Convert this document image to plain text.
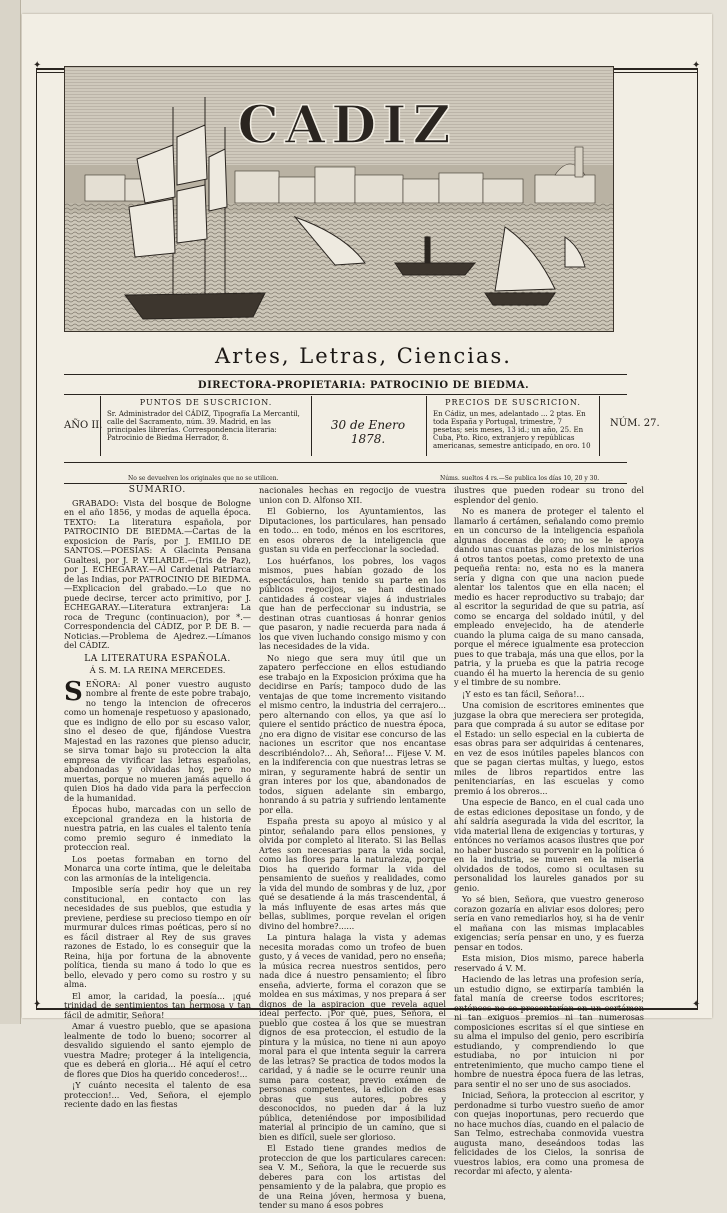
✦	✦
✦	✦
CADIZ
Artes, Letras, Ciencias.
DIRECTORA-PROPIETARIA: PATROCINIO DE BIEDMA.
AÑO II.
PUNTOS DE SUSCRICION.
Sr. Administrador del CÁDIZ, Tipografía La Mercantil, calle del Sacramento, núm. 39. Madrid, en las principales librerías. Correspondencia literaria: Patrocinio de Biedma Herrador, 8.
30 de Enero 1878.
PRECIOS DE SUSCRICION.
En Cádiz, un mes, adelantado ... 2 ptas. En toda España y Portugal, trimestre, 7 pesetas; seis meses, 13 id.; un año, 25. En Cuba, Pto. Rico, extranjero y repúblicas americanas, semestre anticipado, en oro. 10
NÚM. 27.
No se devuelven los originales que no se utilicen.	Núms. sueltos 4 rs.—Se publica los días 10, 20 y 30.
SUMARIO.

GRABADO: Vista del bosque de Bologne en el año 1856, y modas de aquella época. TEXTO: La literatura española, por PATROCINIO DE BIEDMA.—Cartas de la exposicion de París, por J. EMILIO DE SANTOS.—POESÍAS: A Glacinta Pensana Gualtesi, por J. P. VELARDE.—(Iris de Paz), por J. ECHEGARAY.—Al Cardenal Patriarca de las Indias, por PATROCINIO DE BIEDMA.—Explicacion del grabado.—Lo que no puede decirse, tercer acto primitivo, por J. ECHEGARAY.—Literatura extranjera: La roca de Tregunc (continuacion), por *.—Correspondencia del CÁDIZ, por P. DE B. —Noticias.—Problema de Ajedrez.—Límanos del CÁDIZ.

LA LITERATURA ESPAÑOLA.
Á S. M. LA REINA MERCEDES.
S EÑORA: Al poner vuestro augusto nombre al frente de este pobre trabajo, no tengo la intencion de ofreceros como un homenaje respetuoso y apasionado, que es indigno de ello por su escaso valor, sino el deseo de que, fijándose Vuestra Majestad en las razones que pienso aducir, se sirva tomar bajo su proteccion la alta empresa de vivificar las letras españolas, abandonadas y olvidadas hoy, pero no muertas, porque no mueren jamás aquello á quien Dios ha dado vida para la perfeccion de la humanidad.

Épocas hubo, marcadas con un sello de excepcional grandeza en la historia de nuestra patria, en las cuales el talento tenía como premio seguro é inmediato la proteccion real.

Los poetas formaban en torno del Monarca una corte íntima, que le deleitaba con las armonías de la inteligencia.

Imposible sería pedir hoy que un rey constitucional, en contacto con las necesidades de sus pueblos, que estudia y previene, perdiese su precioso tiempo en oír murmurar dulces rimas poéticas, pero sí no es fácil distraer al Rey de sus graves razones de Estado, lo es conseguir que la Reina, hija por fortuna de la abnovente política, tienda su mano á todo lo que es bello, elevado y pero como su rostro y su alma.

El amor, la caridad, la poesía... ¡qué trinidad de sentimientos tan hermosa y tan fácil de admitir, Señora!

Amar á vuestro pueblo, que se apasiona lealmente de todo lo bueno; socorrer al desvalido siguiendo el santo ejemplo de vuestra Madre; proteger á la inteligencia, que es deberá en gloria... Hé aquí el cetro de flores que Dios ha querido concederos!...

¡Y cuánto necesita el talento de esa proteccion!... Ved, Señora, el ejemplo reciente dado en las fiestas

nacionales hechas en regocijo de vuestra union con D. Alfonso XII.

El Gobierno, los Ayuntamientos, las Diputaciones, los particulares, han pensado en todo... en todo, ménos en los escritores, en esos obreros de la inteligencia que gustan su vida en perfeccionar la sociedad.

Los huérfanos, los pobres, los vagos mismos, pues habían gozado de los espectáculos, han tenido su parte en los públicos regocijos, se han destinado cantidades á costear viajes á industriales que han de perfeccionar su industria, se destinan otras cuantiosas á honrar genios que pasaron, y nadie recuerda para nada á los que viven luchando consigo mismo y con las necesidades de la vida.

No niego que sera muy útil que un zapatero perfeccione en ellos estudiando ese trabajo en la Exposicion próxima que ha decidirse en París; tampoco dudo de las ventajas de que tome incremento visitando el mismo centro, la industria del cerrajero... pero alternando con ellos, ya que así lo quiere el sentido práctico de nuestra época, ¿no era digno de visitar ese concurso de las naciones un escritor que nos encantase describiéndolo?... Ah, Señora!... Fijese V. M. en la indiferencia con que nuestras letras se miran, y seguramente habrá de sentir un gran interes por los que, abandonados de todos, siguen adelante sin embargo, honrando á su patria y sufriendo lentamente por ella.

España presta su apoyo al músico y al pintor, señalando para ellos pensiones, y olvida por completo al literato. Si las Bellas Artes son necesarias para la vida social, como las flores para la naturaleza, porque Dios ha querido formar la vida del pensamiento de sueños y realidades, como la vida del mundo de sombras y de luz, ¿por qué se desatiende á la más trascendental, á la más influyente de esas artes más que bellas, sublimes, porque revelan el origen divino del hombre?......

La pintura halaga la vista y ademas necesita moradas como un trofeo de buen gusto, y á veces de vanidad, pero no enseña; la música recrea nuestros sentidos, pero nada dice á nuestro pensamiento; el libro enseña, advierte, forma el corazon que se moldea en sus máximas, y nos prepara á ser dignos de la aspiracion que revela aquel ideal perfecto. ¡Por qué, pues, Señora, el pueblo que costea á los que se muestran dignos de esa proteccion, el estudio de la pintura y la música, no tiene ni aun apoyo moral para el que intenta seguir la carrera de las letras? Se practica de todos modos la caridad, y á nadie se le ocurre reunir una suma para costear, previo exámen de personas competentes, la edicion de esas obras que sus autores, pobres y desconocidos, no pueden dar á la luz pública, deteniéndose por imposibilidad material al principio de un camino, que si bien es difícil, suele ser glorioso.

El Estado tiene grandes medios de proteccion de que los particulares carecen: sea V. M., Señora, la que le recuerde sus deberes para con los artistas del pensamiento y de la palabra, que propio es de una Reina jóven, hermosa y buena, tender su mano á esos pobres

ilustres que pueden rodear su trono del esplendor del genio.

No es manera de proteger el talento el llamarlo á certámen, señalando como premio en un concurso de la inteligencia española algunas docenas de oro; no se le apoya dando unas cuantas plazas de los ministerios á otros tantos poetas, como pretexto de una pequeña renta: no, esta no es la manera sería y digna con que una nacion puede alentar los talentos que en ella nacen; el medio es hacer reproductivo su trabajo; dar al escritor la seguridad de que su patria, así como se encarga del soldado inútil, y del empleado envejecido, ha de atenderle cuando la pluma caiga de su mano cansada, porque el mérece igualmente esa proteccion pues to que trabaja, más una que ellos, por la patria, y la prueba es que la patria recoge cuando él ha muerto la herencia de su genio y el timbre de su nombre.

¡Y esto es tan fácil, Señora!...

Una comision de escritores eminentes que juzgase la obra que mereciera ser protegida, para que comprada á su autor se editase por el Estado: un sello especial en la cubierta de esas obras para ser adquiridas á centenares, en vez de esos inútiles papeles blancos con que se pagan ciertas multas, y luego, estos miles de libros repartidos entre las penitenciarías, en las escuelas y como premio á los obreros...

Una especie de Banco, en el cual cada uno de estas ediciones depositase un fondo, y de ahí saldría asegurada la vida del escritor, la vida material llena de exigencias y torturas, y entónces no veríamos acasos ilustres que por no haber buscado su porvenir en la política ó en la industria, se mueren en la miseria olvidados de todos, como si ocultasen su personalidad los laureles ganados por su genio.

Yo sé bien, Señora, que vuestro generoso corazon gozaría en aliviar esos dolores; pero sería en vano remediarlos hoy, si ha de venir el mañana con las mismas implacables exigencias; sería pensar en uno, y es fuerza pensar en todos.

Esta mision, Dios mismo, parece haberla reservado á V. M.

Haciendo de las letras una profesion sería, un estudio digno, se extirparía también la fatal manía de creerse todos escritores; entónces no se presentarían en un certámen ni tan exiguos premios ni tan numerosas composiciones escritas sí el que sintiese en su alma el impulso del genio, pero escribiría estudiando, y comprendiendo lo que estudiaba, no por intuicion ni por entretenimiento, que mucho campo tiene el hombre de nuestra época fuera de las letras, para sentir el no ser uno de sus asociados.

Iniciad, Señora, la proteccion al escritor, y perdonadme si turbo vuestro sueño de amor con quejas inoportunas, pero recuerdo que no hace muchos días, cuando en el palacio de San Telmo, estrechaba conmovida vuestra augusta mano, deseándoos todas las felicidades de los Cielos, la sonrisa de vuestros labios, era como una promesa de recordar mi afecto, y alenta-
